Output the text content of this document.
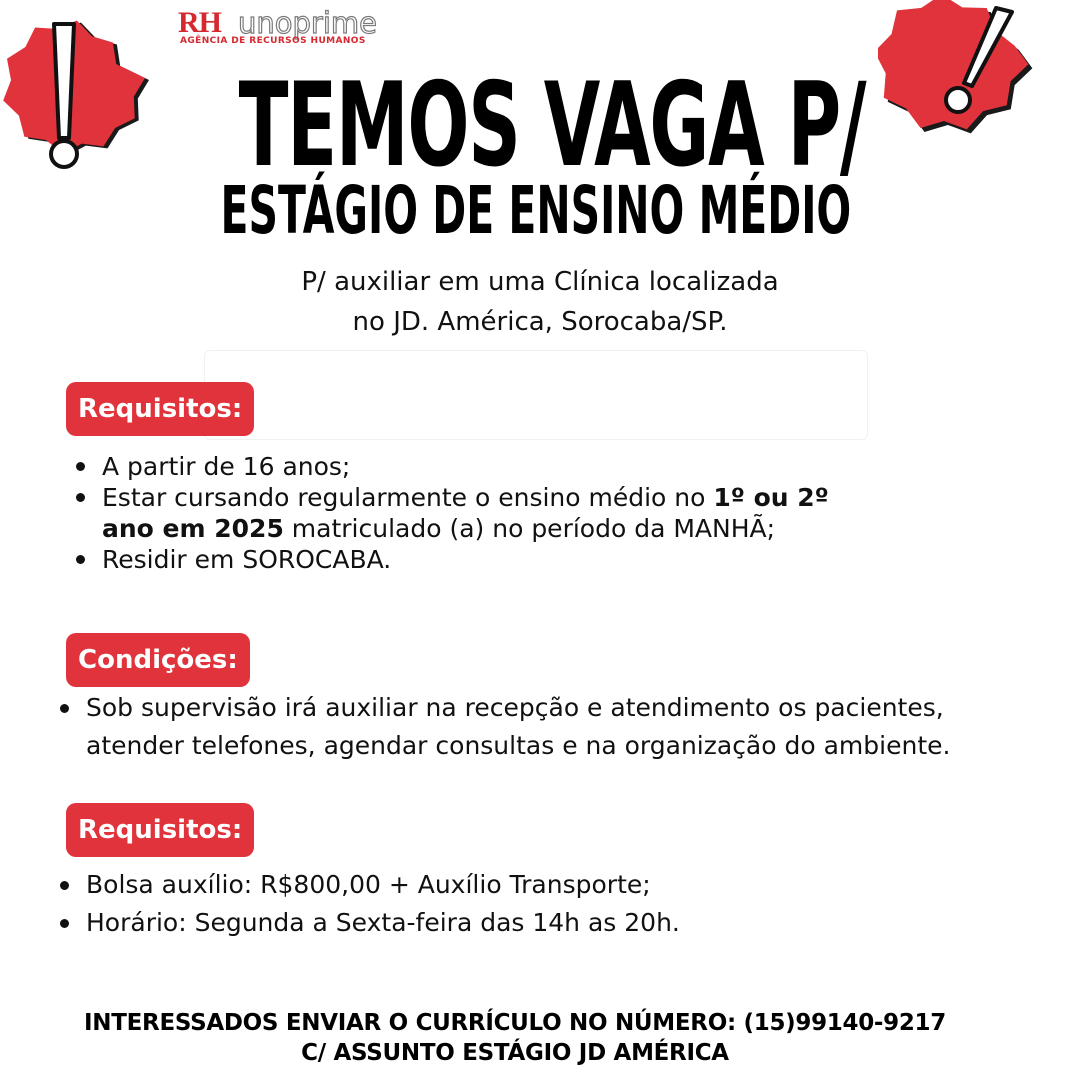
RH unoprime
AGÊNCIA DE RECURSOS HUMANOS
TEMOS VAGA P/
ESTÁGIO DE ENSINO MÉDIO
P/ auxiliar em uma Clínica localizada
no JD. América, Sorocaba/SP.
Requisitos:
A partir de 16 anos;
Estar cursando regularmente o ensino médio no 1º ou 2º
ano em 2025 matriculado (a) no período da MANHÃ;
Residir em SOROCABA.
Condições:
Sob supervisão irá auxiliar na recepção e atendimento os pacientes,
atender telefones, agendar consultas e na organização do ambiente.
Requisitos:
Bolsa auxílio: R$800,00 + Auxílio Transporte;
Horário: Segunda a Sexta-feira das 14h as 20h.
INTERESSADOS ENVIAR O CURRÍCULO NO NÚMERO: (15)99140-9217
C/ ASSUNTO ESTÁGIO JD AMÉRICA
